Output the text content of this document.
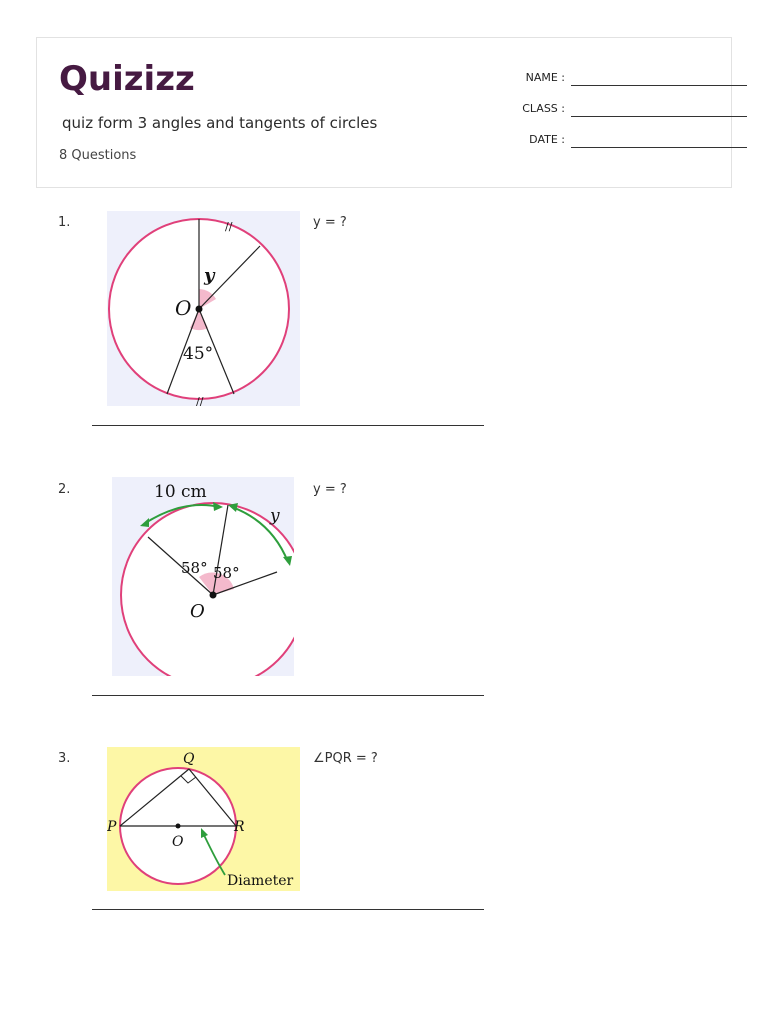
Quizizz
quiz form 3 angles and tangents of circles
8 Questions
NAME :
CLASS :
DATE :
1.
O
y
45°
//
//
y = ?
2.
O
58° 58°
10 cm
y
y = ?
3.	Q
P	R
O
Diameter
∠PQR = ?
